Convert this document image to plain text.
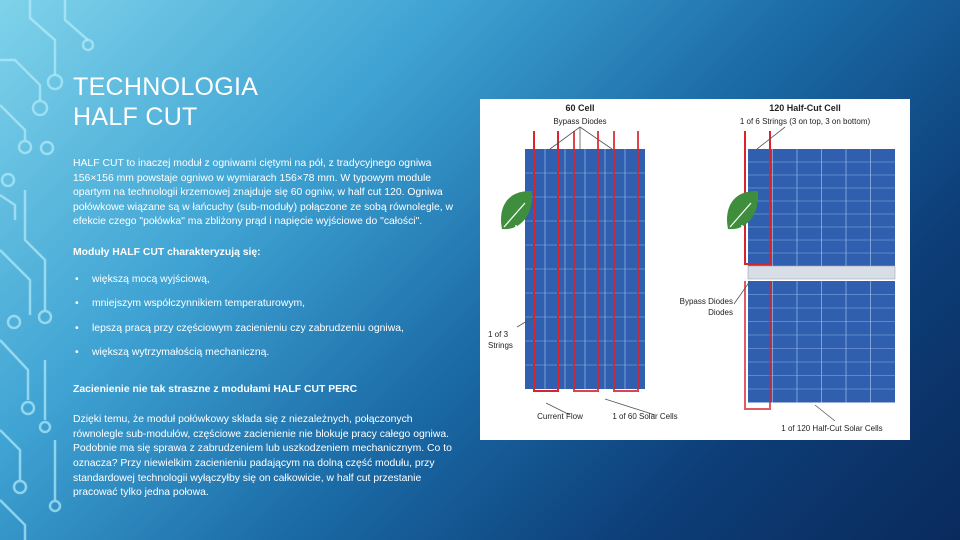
TECHNOLOGIA
HALF CUT

HALF CUT to inaczej moduł z ogniwami ciętymi na pół, z tradycyjnego ogniwa 156×156 mm powstaje ogniwo w wymiarach 156×78 mm. W typowym module opartym na technologii krzemowej znajduje się 60 ogniw, w half cut 120. Ogniwa połówkowe wiązane są w łańcuchy (sub-moduły) połączone ze sobą równolegle, w efekcie czego "połówka" ma zbliżony prąd i napięcie wyjściowe do "całości".

Moduły HALF CUT charakteryzują się:

• większą mocą wyjściową,
• mniejszym współczynnikiem temperaturowym,
• lepszą pracą przy częściowym zacienieniu czy zabrudzeniu ogniwa,
• większą wytrzymałością mechaniczną.

Zacienienie nie tak straszne z modułami HALF CUT PERC

Dzięki temu, że moduł połówkowy składa się z niezależnych, połączonych równolegle sub-modułów, częściowe zacienienie nie blokuje pracy całego ogniwa. Podobnie ma się sprawa z zabrudzeniem lub uszkodzeniem mechanicznym. Co to oznacza? Przy niewielkim zacienieniu padającym na dolną część modułu, przy standardowej technologii wyłączyłby się on całkowicie, w half cut przestanie pracować tylko jedna połowa.

60 Cell
Bypass Diodes
120 Half-Cut Cell
1 of 6 Strings (3 on top, 3 on bottom)
Bypass Diodes
Diodes
1 of 3
Strings
Current Flow	1 of 60 Solar Cells
1 of 120 Half-Cut Solar Cells
